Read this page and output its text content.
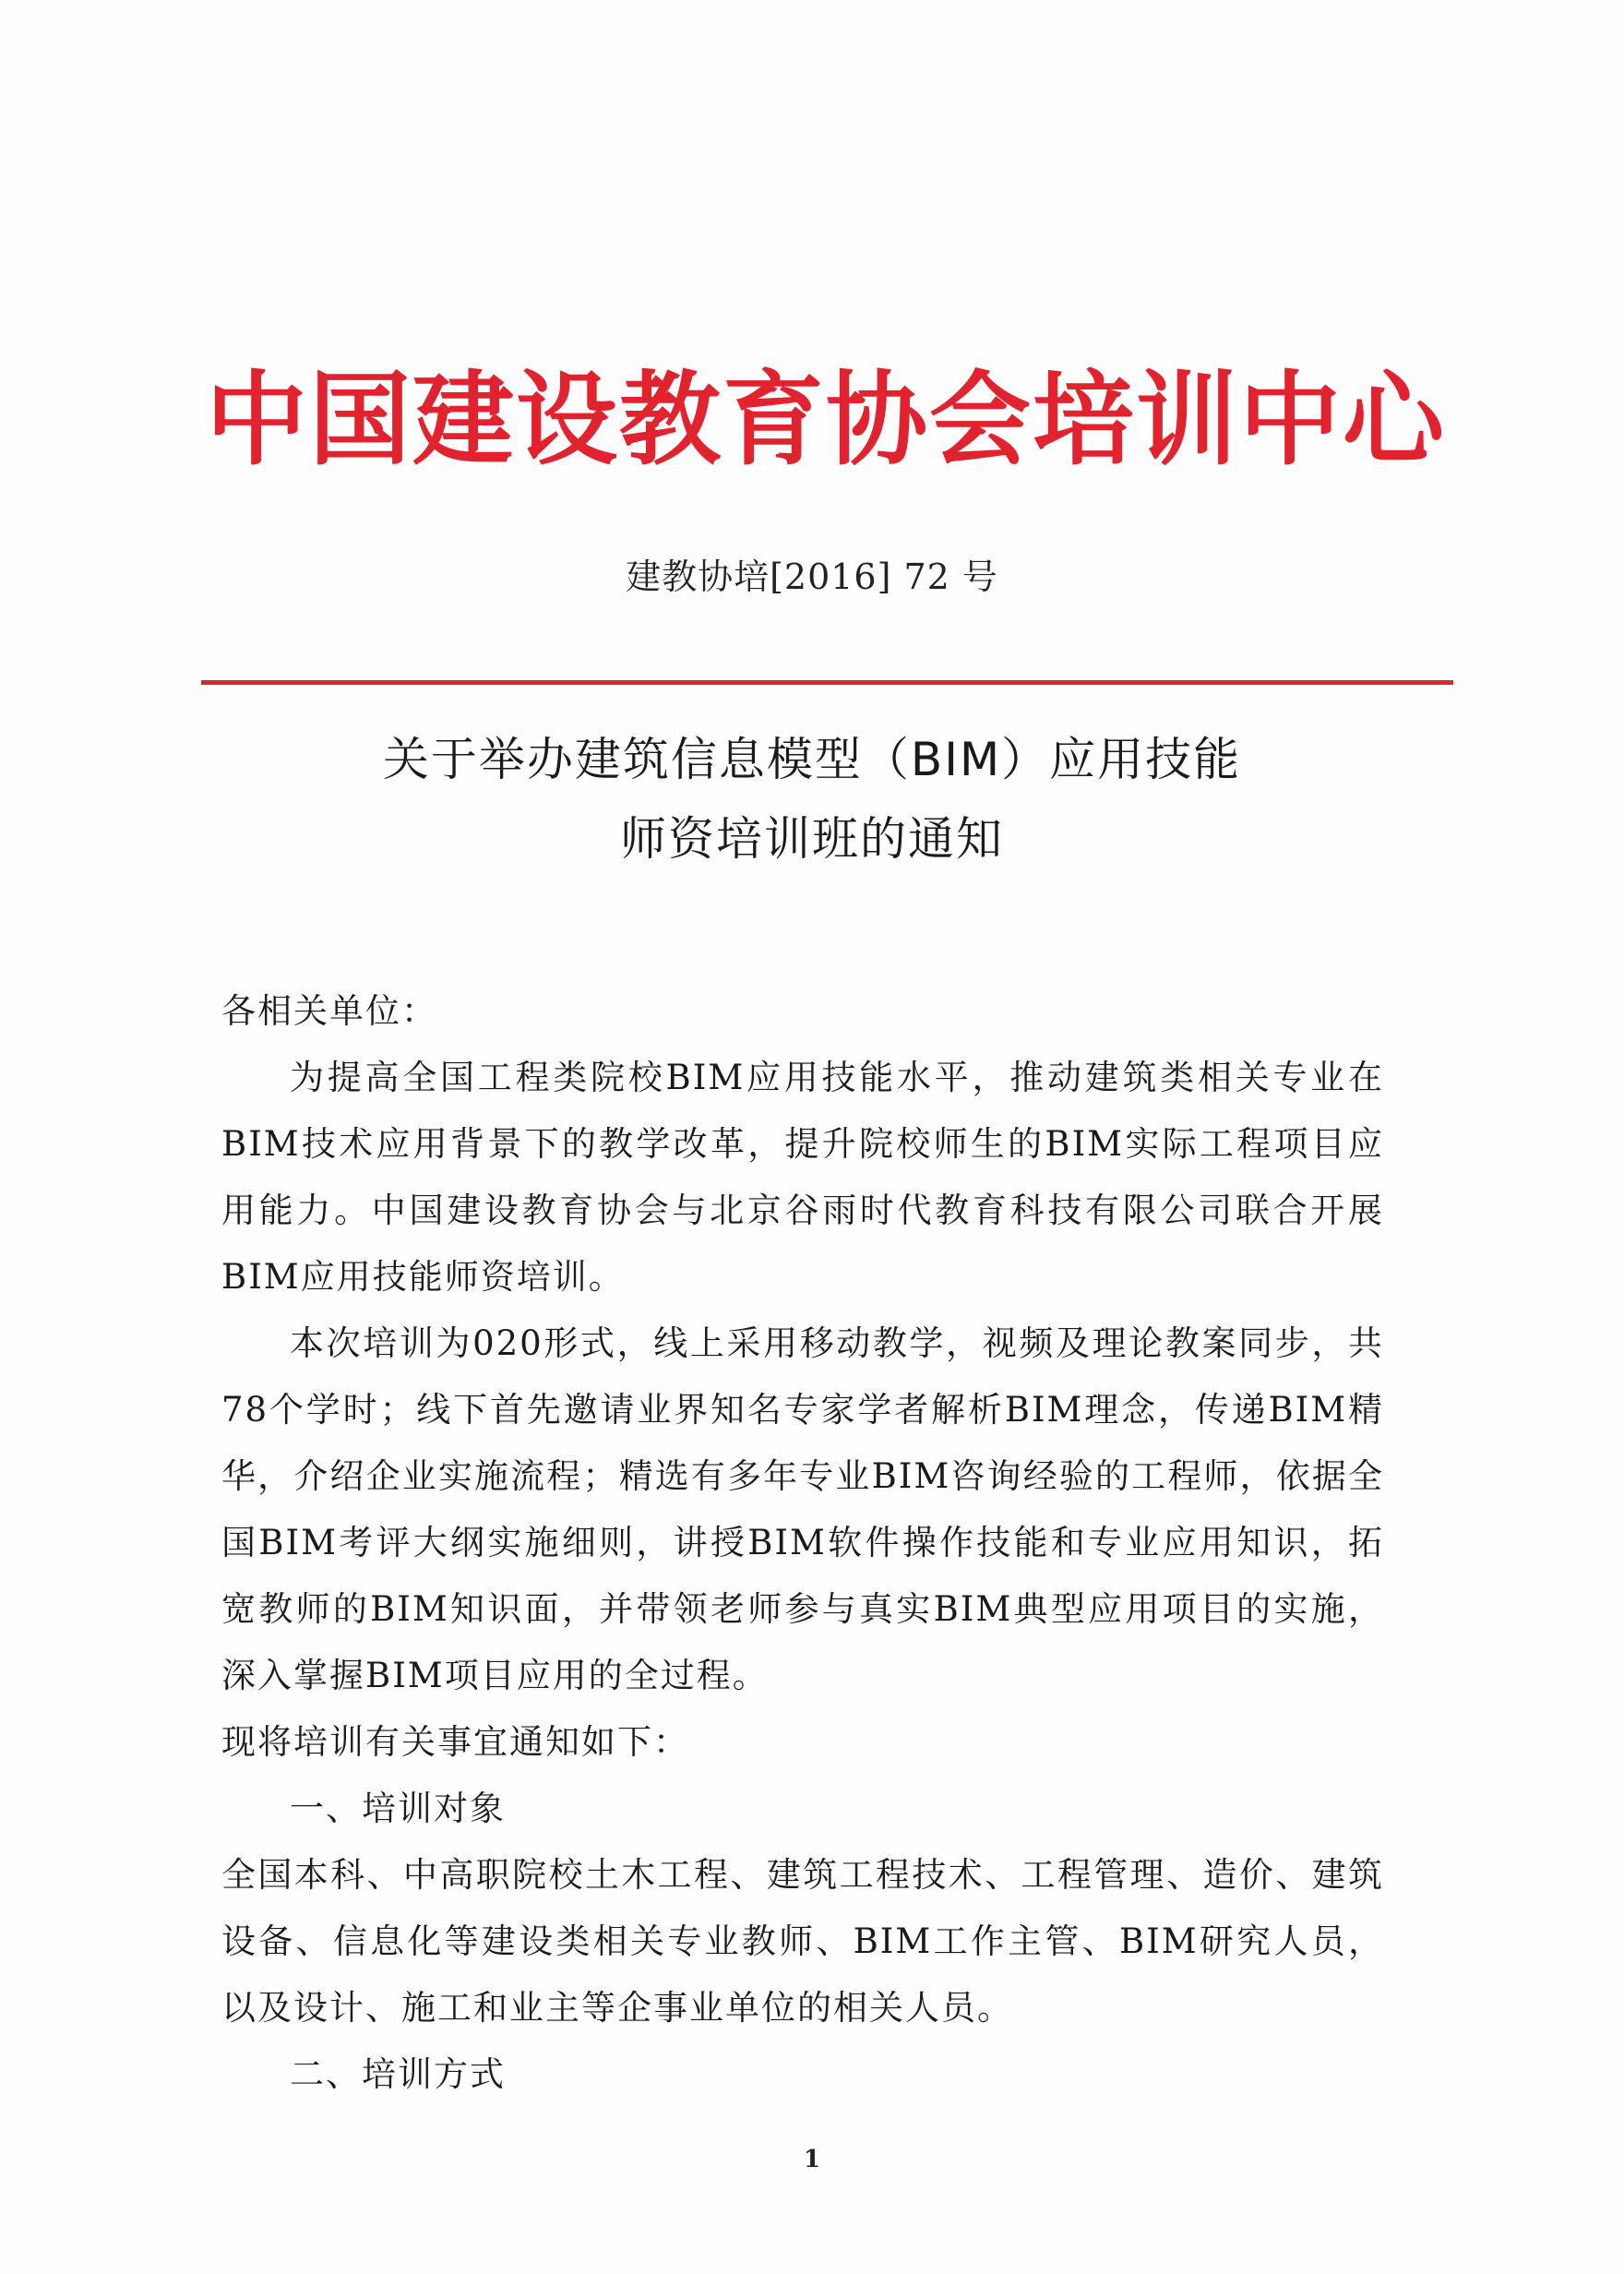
中国建设教育协会培训中心
建教协培[2016] 72 号
关于举办建筑信息模型（BIM）应用技能
师资培训班的通知

各相关单位：

为提高全国工程类院校BIM应用技能水平，推动建筑类相关专业在BIM技术应用背景下的教学改革，提升院校师生的BIM实际工程项目应用能力。中国建设教育协会与北京谷雨时代教育科技有限公司联合开展BIM应用技能师资培训。

本次培训为020形式，线上采用移动教学，视频及理论教案同步，共78个学时；线下首先邀请业界知名专家学者解析BIM理念，传递BIM精华，介绍企业实施流程；精选有多年专业BIM咨询经验的工程师，依据全国BIM考评大纲实施细则，讲授BIM软件操作技能和专业应用知识，拓宽教师的BIM知识面，并带领老师参与真实BIM典型应用项目的实施，深入掌握BIM项目应用的全过程。

现将培训有关事宜通知如下：

一、培训对象

全国本科、中高职院校土木工程、建筑工程技术、工程管理、造价、建筑设备、信息化等建设类相关专业教师、BIM工作主管、BIM研究人员，以及设计、施工和业主等企事业单位的相关人员。

二、培训方式

1
